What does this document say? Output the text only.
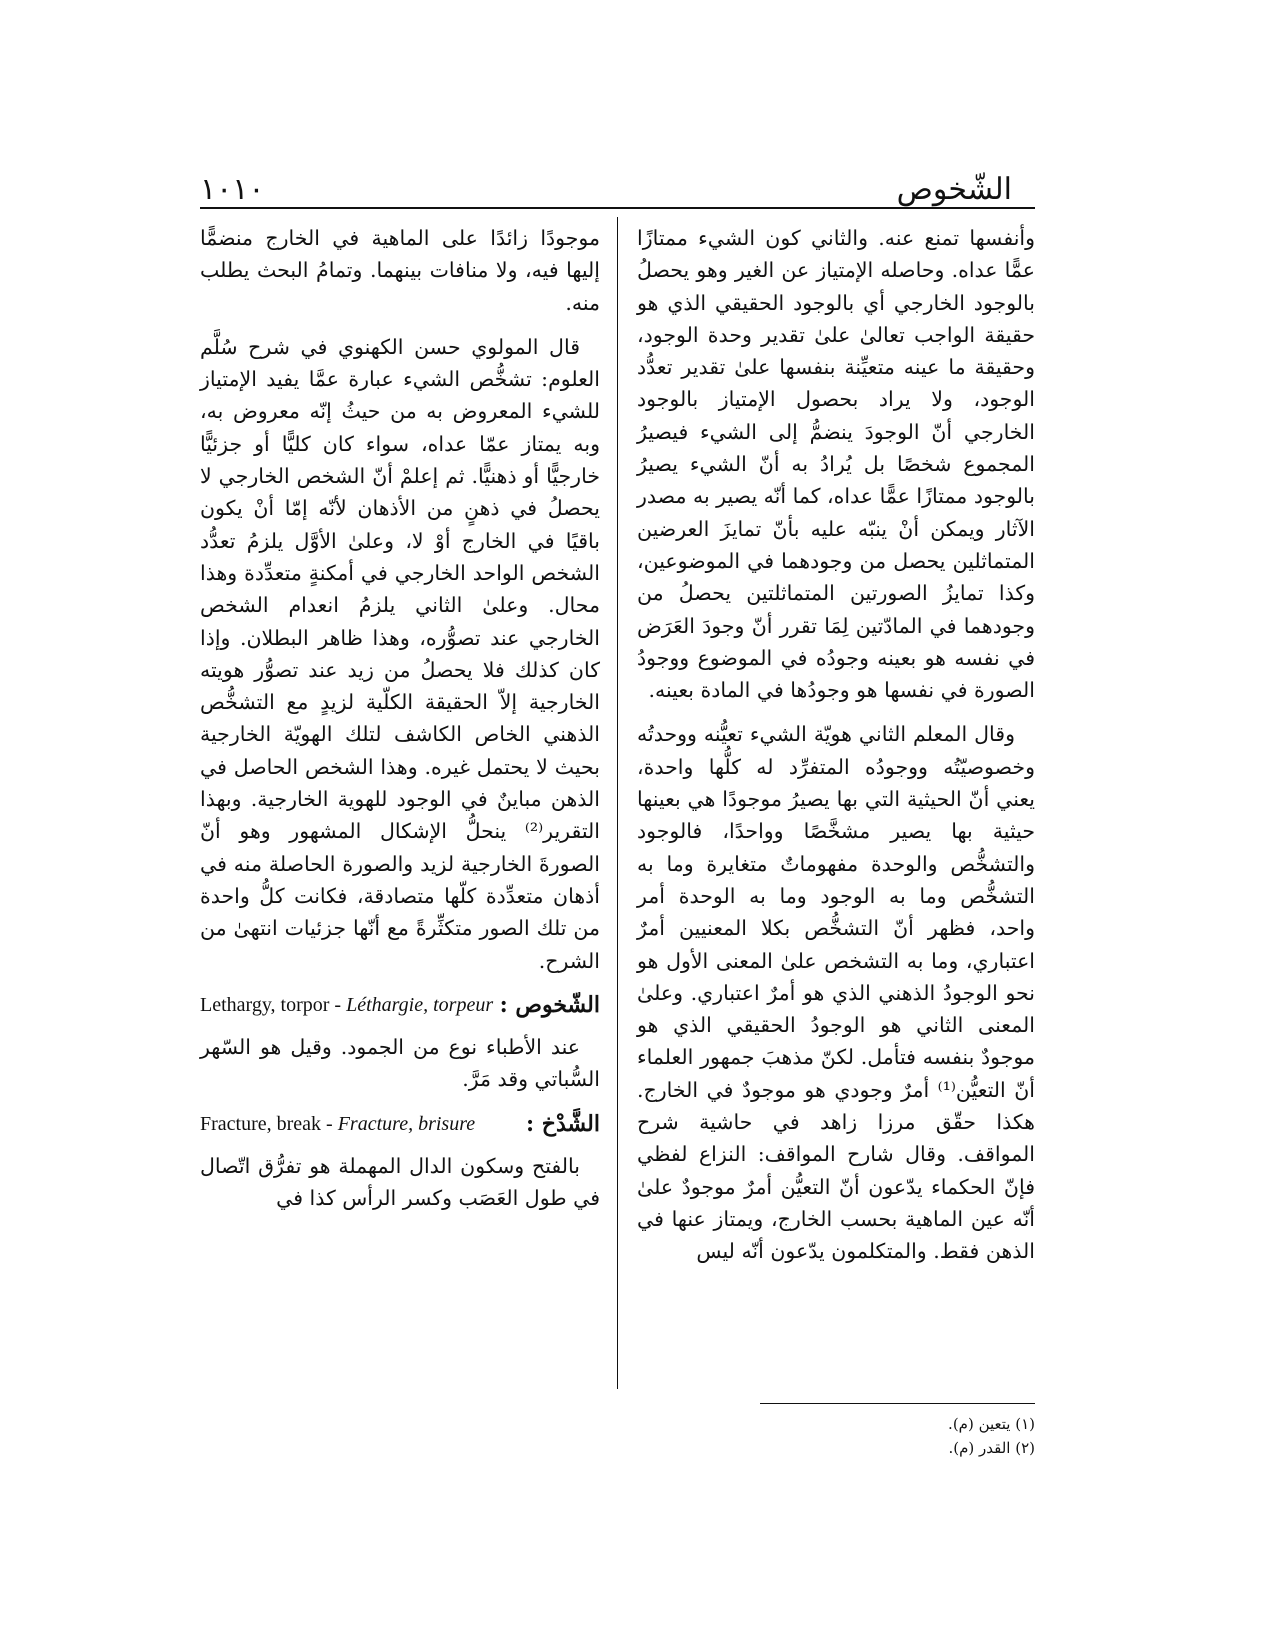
الشّخوص
١٠١٠

وأنفسها تمنع عنه. والثاني كون الشيء ممتازًا عمًّا عداه. وحاصله الإمتياز عن الغير وهو يحصلُ بالوجود الخارجي أي بالوجود الحقيقي الذي هو حقيقة الواجب تعالىٰ علىٰ تقدير وحدة الوجود، وحقيقة ما عينه متعيِّنة بنفسها علىٰ تقدير تعدُّد الوجود، ولا يراد بحصول الإمتياز بالوجود الخارجي أنّ الوجودَ ينضمُّ إلى الشيء فيصيرُ المجموع شخصًا بل يُرادُ به أنّ الشيء يصيرُ بالوجود ممتازًا عمًّا عداه، كما أنّه يصير به مصدر الآثار ويمكن أنْ ينبّه عليه بأنّ تمايزَ العرضين المتماثلين يحصل من وجودهما في الموضوعين، وكذا تمايزُ الصورتين المتماثلتين يحصلُ من وجودهما في المادّتين لِمَا تقرر أنّ وجودَ العَرَض في نفسه هو بعينه وجودُه في الموضوع ووجودُ الصورة في نفسها هو وجودُها في المادة بعينه.

وقال المعلم الثاني هويّة الشيء تعيُّنه ووحدتُه وخصوصيّتُه ووجودُه المتفرِّد له كلُّها واحدة، يعني أنّ الحيثية التي بها يصيرُ موجودًا هي بعينها حيثية بها يصير مشخَّصًا وواحدًا، فالوجود والتشخُّص والوحدة مفهوماتٌ متغايرة وما به التشخُّص وما به الوجود وما به الوحدة أمر واحد، فظهر أنّ التشخُّص بكلا المعنيين أمرٌ اعتباري، وما به التشخص علىٰ المعنى الأول هو نحو الوجودُ الذهني الذي هو أمرٌ اعتباري. وعلىٰ المعنى الثاني هو الوجودُ الحقيقي الذي هو موجودٌ بنفسه فتأمل. لكنّ مذهبَ جمهور العلماء أنّ التعيُّن⁽¹⁾ أمرٌ وجودي هو موجودٌ في الخارج. هكذا حقّق مرزا زاهد في حاشية شرح المواقف. وقال شارح المواقف: النزاع لفظي فإنّ الحكماء يدّعون أنّ التعيُّن أمرٌ موجودٌ علىٰ أنّه عين الماهية بحسب الخارج، ويمتاز عنها في الذهن فقط. والمتكلمون يدّعون أنّه ليس

موجودًا زائدًا على الماهية في الخارج منضمًّا إليها فيه، ولا منافات بينهما. وتمامُ البحث يطلب منه.

قال المولوي حسن الكهنوي في شرح سُلَّم العلوم: تشخُّص الشيء عبارة عمَّا يفيد الإمتياز للشيء المعروض به من حيثُ إنّه معروض به، وبه يمتاز عمّا عداه، سواء كان كليًّا أو جزئيًّا خارجيًّا أو ذهنيًّا. ثم إعلمْ أنّ الشخص الخارجي لا يحصلُ في ذهنٍ من الأذهان لأنّه إمّا أنْ يكون باقيًا في الخارج أوْ لا، وعلىٰ الأوَّل يلزمُ تعدُّد الشخص الواحد الخارجي في أمكنةٍ متعدِّدة وهذا محال. وعلىٰ الثاني يلزمُ انعدام الشخص الخارجي عند تصوُّره، وهذا ظاهر البطلان. وإذا كان كذلك فلا يحصلُ من زيد عند تصوُّر هويته الخارجية إلاّ الحقيقة الكلّية لزيدٍ مع التشخُّص الذهني الخاص الكاشف لتلك الهويّة الخارجية بحيث لا يحتمل غيره. وهذا الشخص الحاصل في الذهن مباينٌ في الوجود للهوية الخارجية. وبهذا التقرير⁽²⁾ ينحلُّ الإشكال المشهور وهو أنّ الصورةَ الخارجية لزيد والصورة الحاصلة منه في أذهان متعدِّدة كلّها متصادقة، فكانت كلُّ واحدة من تلك الصور متكثِّرةً مع أنّها جزئيات انتهىٰ من الشرح.

الشّخوص :
Lethargy, torpor - Léthargie, torpeur

عند الأطباء نوع من الجمود. وقيل هو السّهر السُّباتي وقد مَرَّ.

الشَّدْخ :
Fracture, break - Fracture, brisure

بالفتح وسكون الدال المهملة هو تفرُّق اتّصال في طول العَصَب وكسر الرأس كذا في

(١) يتعين (م).
(٢) القدر (م).
